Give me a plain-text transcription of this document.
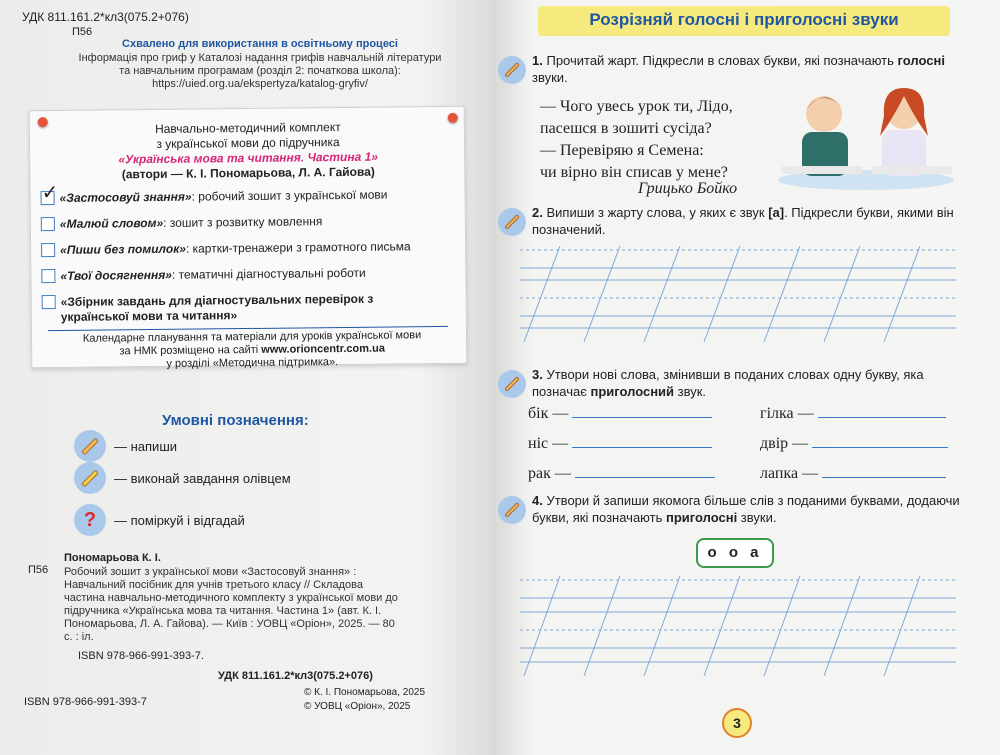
УДК 811.161.2*кл3(075.2+076)
П56
Схвалено для використання в освітньому процесі
Інформація про гриф у Каталозі надання грифів навчальній літератури
та навчальним програмам (розділ 2: початкова школа):
https://uied.org.ua/ekspertyza/katalog-gryfiv/
Навчально-методичний комплект
з української мови до підручника
«Українська мова та читання. Частина 1»
(автори — К. І. Пономарьова, Л. А. Гайова)
✓
«Застосовуй знання»: робочий зошит з української мови
«Малюй словом»: зошит з розвитку мовлення
«Пиши без помилок»: картки-тренажери з грамотного письма
«Твої досягнення»: тематичні діагностувальні роботи
«Збірник завдань для діагностувальних перевірок з української мови та читання»
Календарне планування та матеріали для уроків української мови
за НМК розміщено на сайті www.orioncentr.com.ua
у розділі «Методична підтримка».
Умовні позначення:
— напиши
— виконай завдання олівцем
? — поміркуй і відгадай
Пономарьова К. І.
П56 Робочий зошит з української мови «Застосовуй знання» : Навчальний посібник для учнів третього класу // Складова частина навчально-методичного комплекту з української мови до підручника «Українська мова та читання. Частина 1» (авт. К. І. Пономарьова, Л. А. Гайова). — Київ : УОВЦ «Оріон», 2025. — 80 с. : іл.
ISBN 978-966-991-393-7.
УДК 811.161.2*кл3(075.2+076)
ISBN 978-966-991-393-7
© К. І. Пономарьова, 2025
© УОВЦ «Оріон», 2025
Розрізняй голосні і приголосні звуки
1. Прочитай жарт. Підкресли в словах букви, які позначають голосні звуки.
— Чого увесь урок ти, Лідо,
пасешся в зошиті сусіда?
— Перевіряю я Семена:
чи вірно він списав у мене?
Грицько Бойко
2. Випиши з жарту слова, у яких є звук [а]. Підкресли букви, якими він позначений.
3. Утвори нові слова, змінивши в поданих словах одну букву, яка позначає приголосний звук.
бік —	гілка —
ніс —	двір —
рак —	лапка —
4. Утвори й запиши якомога більше слів з поданими буквами, додаючи букви, які позначають приголосні звуки.
о о а
3
